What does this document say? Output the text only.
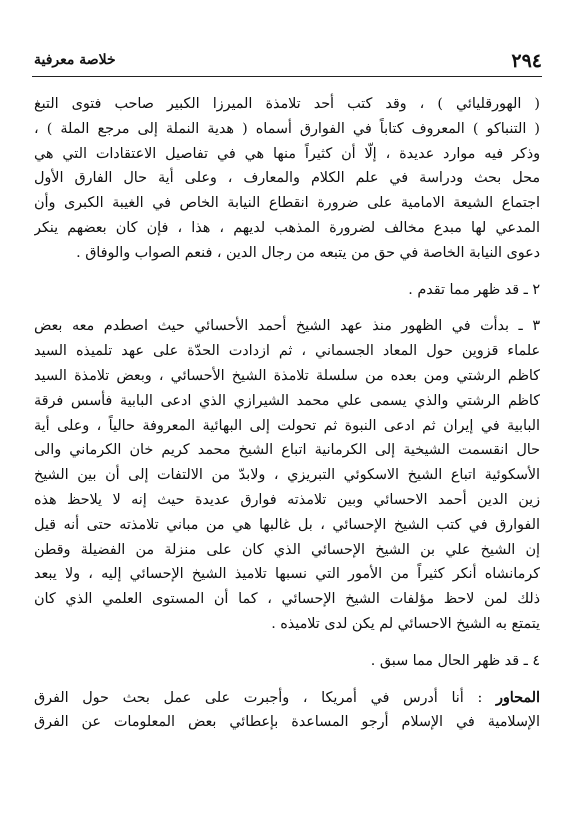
٢٩٤
خلاصة معرفية
( الهورقليائي ) ، وقد كتب أحد تلامذة الميرزا الكبير صاحب فتوى التبغ
( التنباكو ) المعروف كتاباً في الفوارق أسماه ( هدية النملة إلى مرجع الملة ) ،
وذكر فيه موارد عديدة ، إلّا أن كثيراً منها هي في تفاصيل الاعتقادات التي هي
محل بحث ودراسة في علم الكلام والمعارف ، وعلى أية حال الفارق الأول
اجتماع الشيعة الامامية على ضرورة انقطاع النيابة الخاص في الغيبة الكبرى وأن
المدعي لها مبدع مخالف لضرورة المذهب لديهم ، هذا ، فإن كان بعضهم ينكر
دعوى النيابة الخاصة في حق من يتبعه من رجال الدين ، فنعم الصواب والوفاق .
٢ ـ قد ظهر مما تقدم .
٣ ـ بدأت في الظهور منذ عهد الشيخ أحمد الأحسائي حيث اصطدم معه بعض
علماء قزوين حول المعاد الجسماني ، ثم ازدادت الحدّة على عهد تلميذه السيد
كاظم الرشتي ومن بعده من سلسلة تلامذة الشيخ الأحسائي ، وبعض تلامذة السيد
كاظم الرشتي والذي يسمى علي محمد الشيرازي الذي ادعى البابية فأسس فرقة
البابية في إيران ثم ادعى النبوة ثم تحولت إلى البهائية المعروفة حالياً ، وعلى أية
حال انقسمت الشيخية إلى الكرمانية اتباع الشيخ محمد كريم خان الكرماني والى
الأسكوئية اتباع الشيخ الاسكوئي التبريزي ، ولابدّ من الالتفات إلى أن بين الشيخ
زين الدين أحمد الاحسائي وبين تلامذته فوارق عديدة حيث إنه لا يلاحظ هذه
الفوارق في كتب الشيخ الإحسائي ، بل غالبها هي من مباني تلامذته حتى أنه قيل
إن الشيخ علي بن الشيخ الإحسائي الذي كان على منزلة من الفضيلة وقطن
كرمانشاه أنكر كثيراً من الأمور التي نسبها تلاميذ الشيخ الإحسائي إليه ، ولا يبعد
ذلك لمن لاحظ مؤلفات الشيخ الإحسائي ، كما أن المستوى العلمي الذي كان
يتمتع به الشيخ الاحسائي لم يكن لدى تلاميذه .
٤ ـ قد ظهر الحال مما سبق .
المحاور : أنا أدرس في أمريكا ، وأجبرت على عمل بحث حول الفرق
الإسلامية في الإسلام أرجو المساعدة بإعطائي بعض المعلومات عن الفرق
